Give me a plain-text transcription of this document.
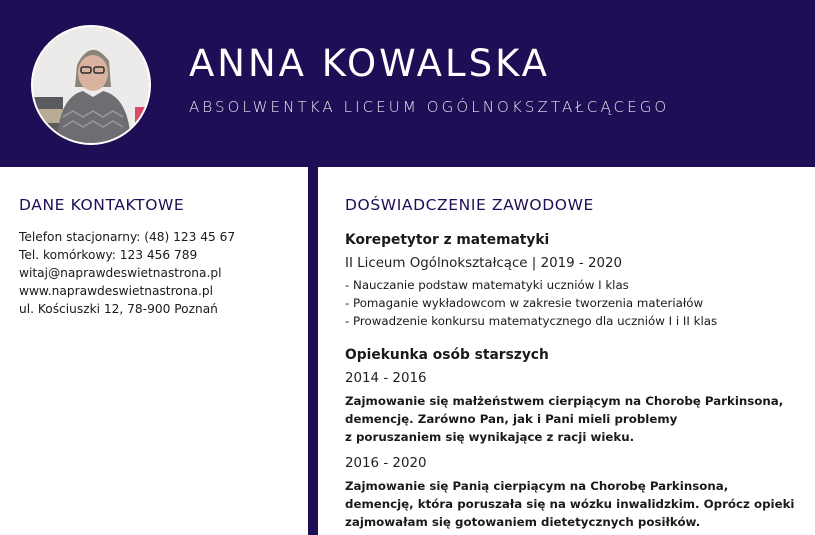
ANNA KOWALSKA
ABSOLWENTKA LICEUM OGÓLNOKSZTAŁCĄCEGO
DANE KONTAKTOWE
Telefon stacjonarny: (48) 123 45 67
Tel. komórkowy: 123 456 789
witaj@naprawdeswietnastrona.pl
www.naprawdeswietnastrona.pl
ul. Kościuszki 12, 78-900 Poznań
DOŚWIADCZENIE ZAWODOWE
Korepetytor z matematyki
II Liceum Ogólnokształcące | 2019 - 2020
- Nauczanie podstaw matematyki uczniów I klas
- Pomaganie wykładowcom w zakresie tworzenia materiałów
- Prowadzenie konkursu matematycznego dla uczniów I i II klas
Opiekunka osób starszych
2014 - 2016
Zajmowanie się małżeństwem cierpiącym na Chorobę Parkinsona,
demencję. Zarówno Pan, jak i Pani mieli problemy
z poruszaniem się wynikające z racji wieku.
2016 - 2020
Zajmowanie się Panią cierpiącym na Chorobę Parkinsona,
demencję, która poruszała się na wózku inwalidzkim. Oprócz opieki
zajmowałam się gotowaniem dietetycznych posiłków.
